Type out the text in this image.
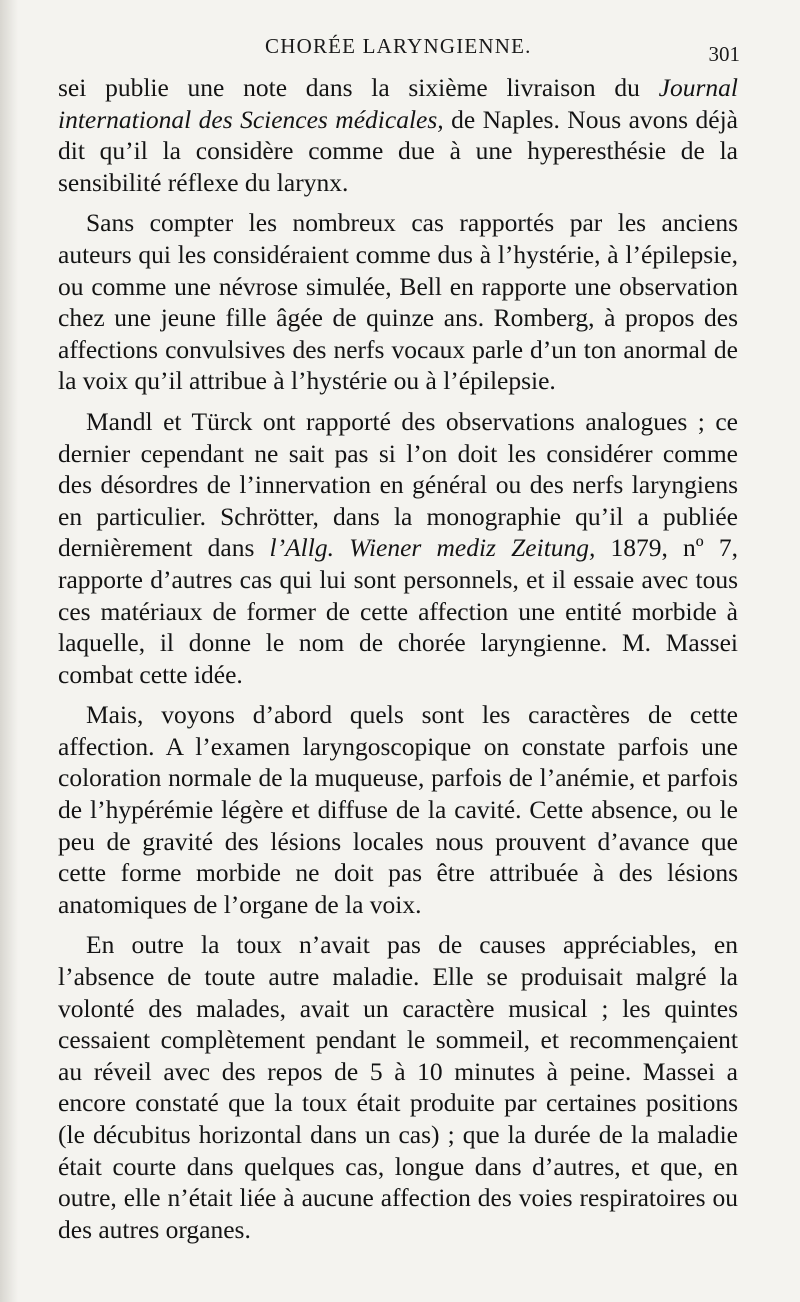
CHORÉE LARYNGIENNE.	301

sei publie une note dans la sixième livraison du Journal international des Sciences médicales, de Naples. Nous avons déjà dit qu’il la considère comme due à une hyperesthésie de la sensibilité réflexe du larynx.

Sans compter les nombreux cas rapportés par les anciens auteurs qui les considéraient comme dus à l’hystérie, à l’épilepsie, ou comme une névrose simulée, Bell en rapporte une observation chez une jeune fille âgée de quinze ans. Romberg, à propos des affections convulsives des nerfs vocaux parle d’un ton anormal de la voix qu’il attribue à l’hystérie ou à l’épilepsie.

Mandl et Türck ont rapporté des observations analogues ; ce dernier cependant ne sait pas si l’on doit les considérer comme des désordres de l’innervation en général ou des nerfs laryngiens en particulier. Schrötter, dans la monographie qu’il a publiée dernièrement dans l’Allg. Wiener mediz Zeitung, 1879, nº 7, rapporte d’autres cas qui lui sont personnels, et il essaie avec tous ces matériaux de former de cette affection une entité morbide à laquelle, il donne le nom de chorée laryngienne. M. Massei combat cette idée.

Mais, voyons d’abord quels sont les caractères de cette affection. A l’examen laryngoscopique on constate parfois une coloration normale de la muqueuse, parfois de l’anémie, et parfois de l’hypérémie légère et diffuse de la cavité. Cette absence, ou le peu de gravité des lésions locales nous prouvent d’avance que cette forme morbide ne doit pas être attribuée à des lésions anatomiques de l’organe de la voix.

En outre la toux n’avait pas de causes appréciables, en l’absence de toute autre maladie. Elle se produisait malgré la volonté des malades, avait un caractère musical ; les quintes cessaient complètement pendant le sommeil, et recommençaient au réveil avec des repos de 5 à 10 minutes à peine. Massei a encore constaté que la toux était produite par certaines positions (le décubitus horizontal dans un cas) ; que la durée de la maladie était courte dans quelques cas, longue dans d’autres, et que, en outre, elle n’était liée à aucune affection des voies respiratoires ou des autres organes.
